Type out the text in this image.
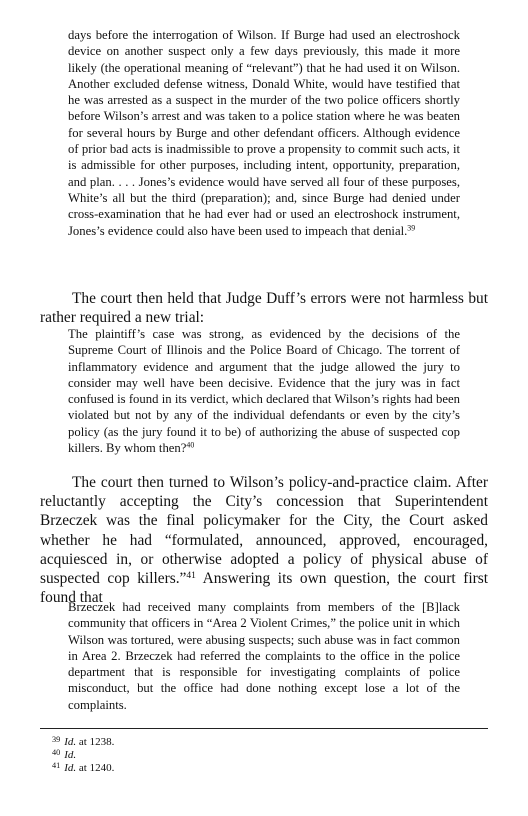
days before the interrogation of Wilson. If Burge had used an electroshock device on another suspect only a few days previously, this made it more likely (the operational meaning of “relevant”) that he had used it on Wilson. Another excluded defense witness, Donald White, would have testified that he was arrested as a suspect in the murder of the two police officers shortly before Wilson’s arrest and was taken to a police station where he was beaten for several hours by Burge and other defendant officers. Although evidence of prior bad acts is inadmissible to prove a propensity to commit such acts, it is admissible for other purposes, including intent, opportunity, preparation, and plan. . . . Jones’s evidence would have served all four of these purposes, White’s all but the third (preparation); and, since Burge had denied under cross-examination that he had ever had or used an electroshock instrument, Jones’s evidence could also have been used to impeach that denial.$^{39}$

The court then held that Judge Duff’s errors were not harmless but rather required a new trial:

The plaintiff’s case was strong, as evidenced by the decisions of the Supreme Court of Illinois and the Police Board of Chicago. The torrent of inflammatory evidence and argument that the judge allowed the jury to consider may well have been decisive. Evidence that the jury was in fact confused is found in its verdict, which declared that Wilson’s rights had been violated but not by any of the individual defendants or even by the city’s policy (as the jury found it to be) of authorizing the abuse of suspected cop killers. By whom then?$^{40}$

The court then turned to Wilson’s policy-and-practice claim. After reluctantly accepting the City’s concession that Superintendent Brzeczek was the final policymaker for the City, the Court asked whether he had “formulated, announced, approved, encouraged, acquiesced in, or otherwise adopted a policy of physical abuse of suspected cop killers.”$^{41}$ Answering its own question, the court first found that

Brzeczek had received many complaints from members of the [B]lack community that officers in “Area 2 Violent Crimes,” the police unit in which Wilson was tortured, were abusing suspects; such abuse was in fact common in Area 2. Brzeczek had referred the complaints to the office in the police department that is responsible for investigating complaints of police misconduct, but the office had done nothing except lose a lot of the complaints.

$^{39}$ Id. at 1238.

$^{40}$ Id.

$^{41}$ Id. at 1240.
